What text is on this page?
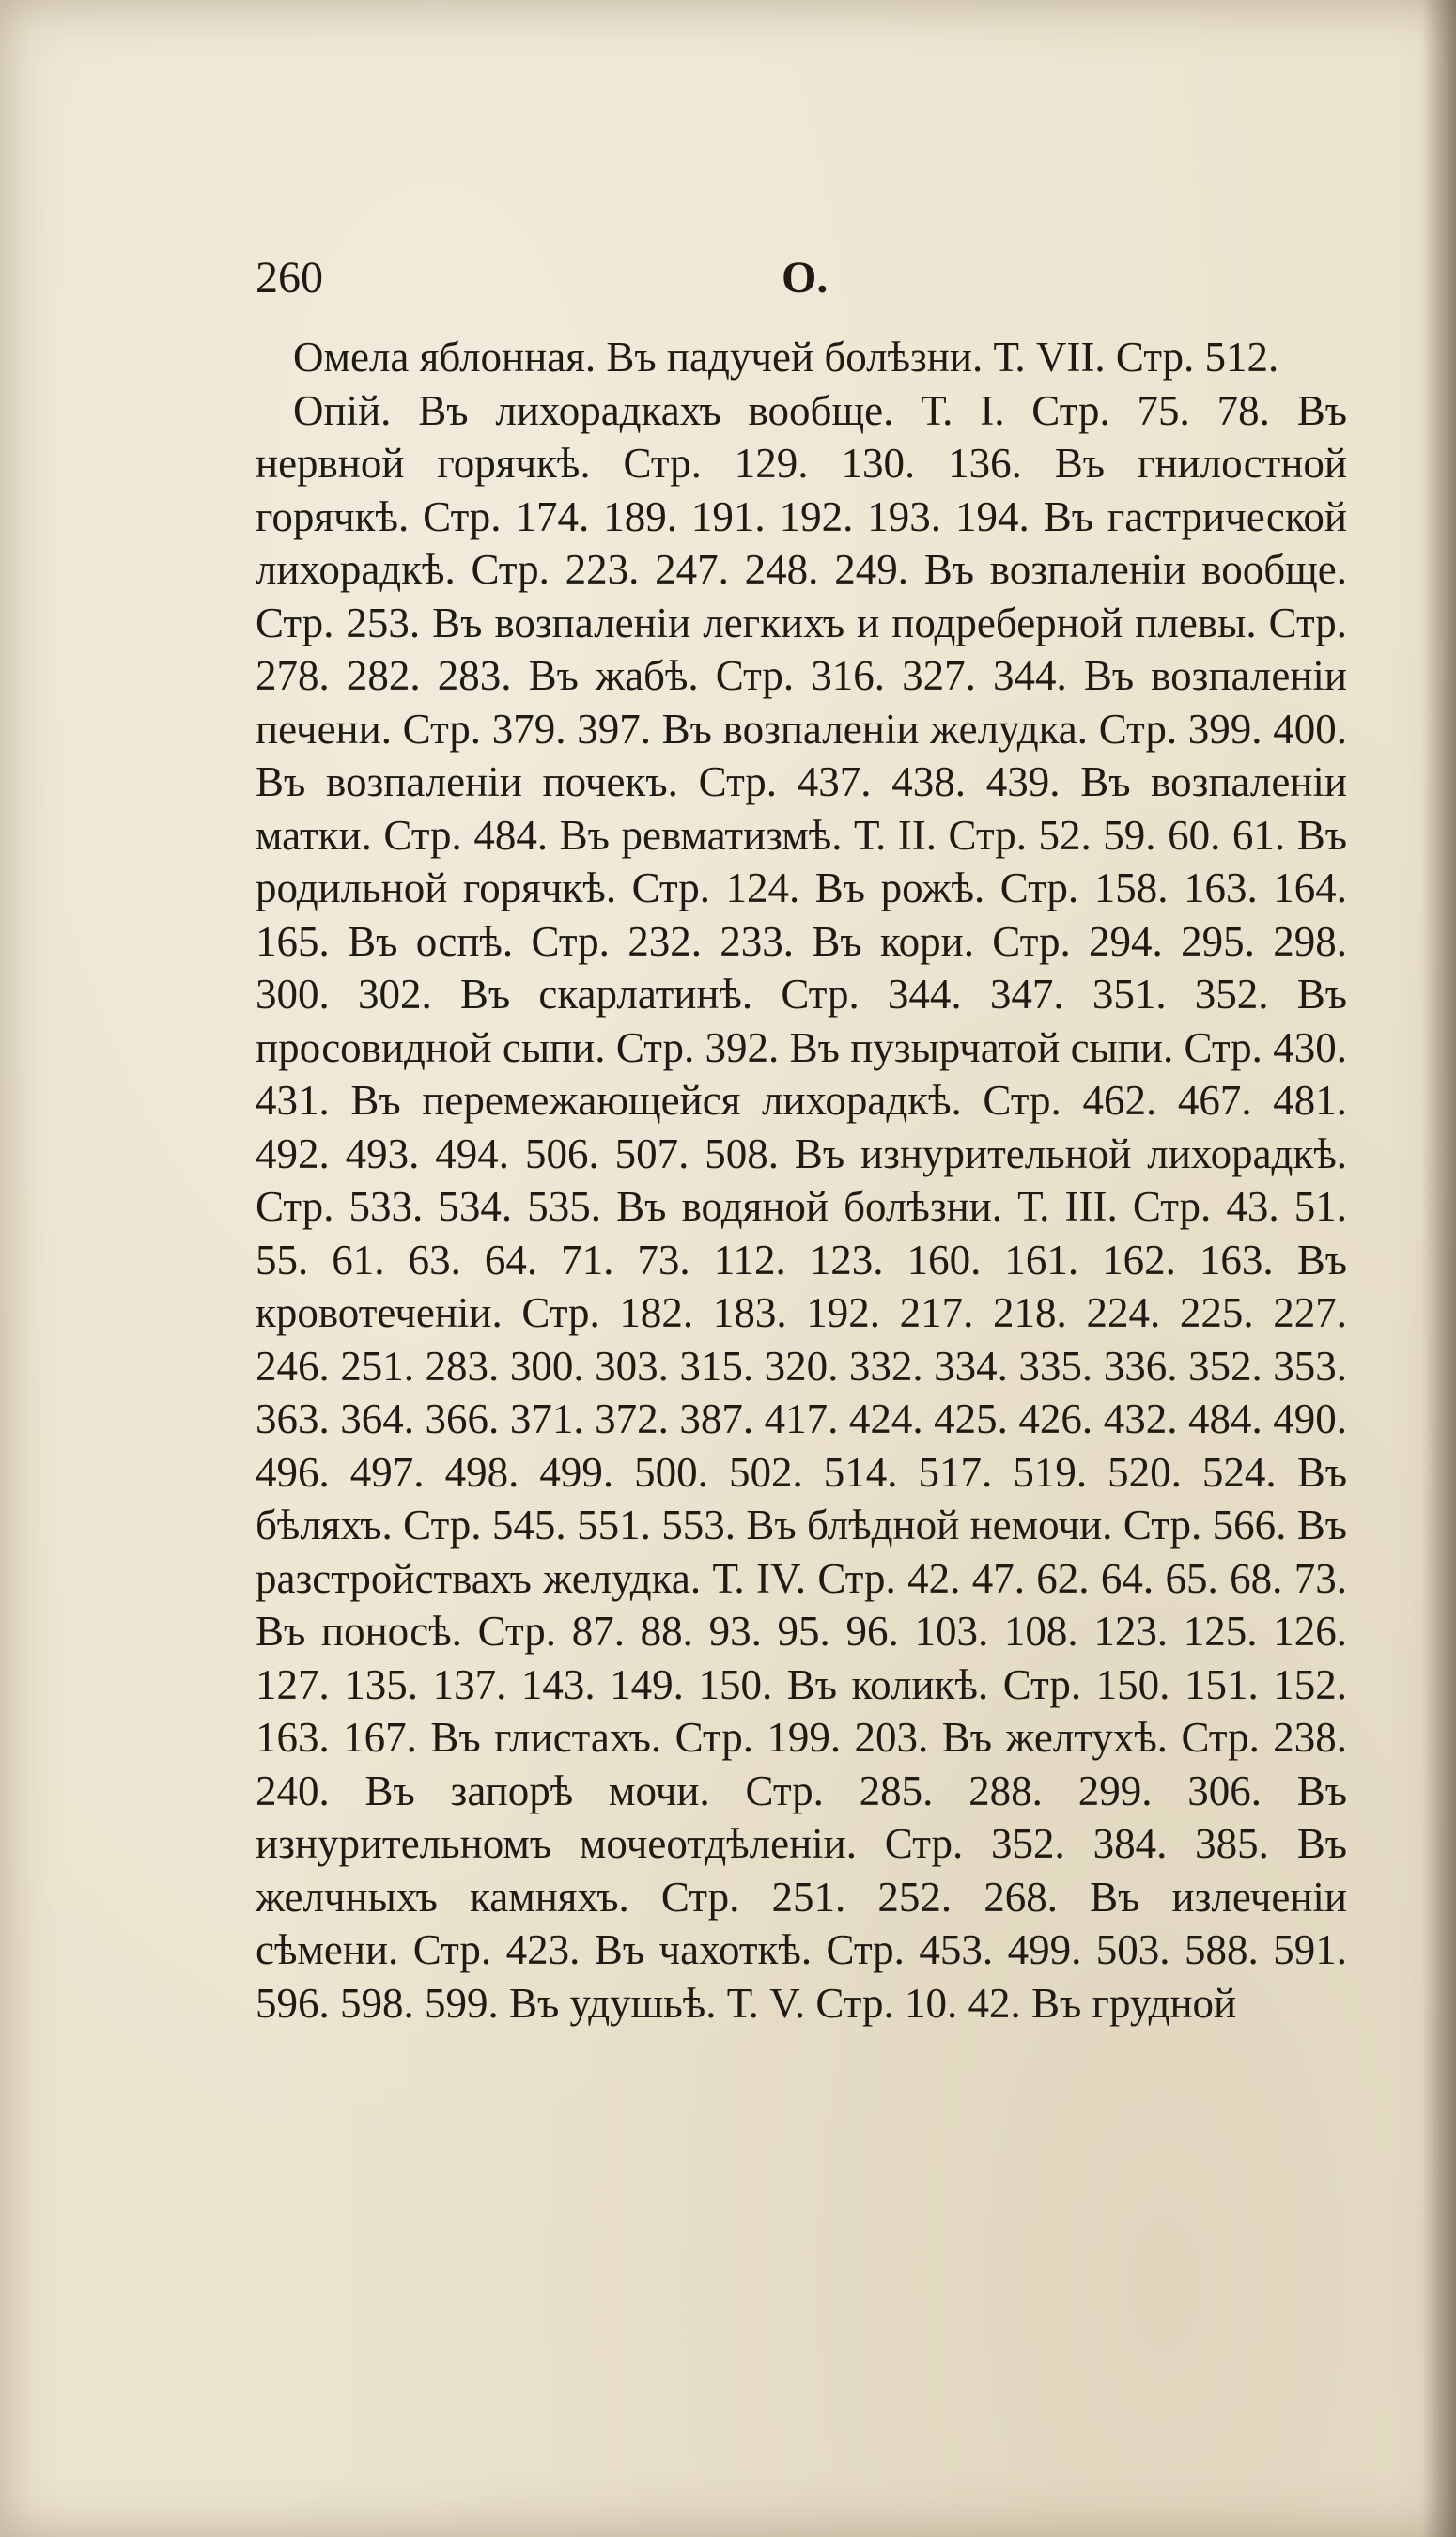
260	О.

Омела яблонная. Въ падучей болѣзни. Т. VII. Стр. 512.

Опій. Въ лихорадкахъ вообще. Т. I. Стр. 75. 78. Въ нервной горячкѣ. Стр. 129. 130. 136. Въ гнилостной горячкѣ. Стр. 174. 189. 191. 192. 193. 194. Въ гастрической лихорадкѣ. Стр. 223. 247. 248. 249. Въ возпаленіи вообще. Стр. 253. Въ возпаленіи легкихъ и подреберной плевы. Стр. 278. 282. 283. Въ жабѣ. Стр. 316. 327. 344. Въ возпаленіи печени. Стр. 379. 397. Въ возпаленіи желудка. Стр. 399. 400. Въ возпаленіи почекъ. Стр. 437. 438. 439. Въ возпаленіи матки. Стр. 484. Въ ревматизмѣ. Т. II. Стр. 52. 59. 60. 61. Въ родильной горячкѣ. Стр. 124. Въ рожѣ. Стр. 158. 163. 164. 165. Въ оспѣ. Стр. 232. 233. Въ кори. Стр. 294. 295. 298. 300. 302. Въ скарлатинѣ. Стр. 344. 347. 351. 352. Въ просовидной сыпи. Стр. 392. Въ пузырчатой сыпи. Стр. 430. 431. Въ перемежающейся лихорадкѣ. Стр. 462. 467. 481. 492. 493. 494. 506. 507. 508. Въ изнурительной лихорадкѣ. Стр. 533. 534. 535. Въ водяной болѣзни. Т. III. Стр. 43. 51. 55. 61. 63. 64. 71. 73. 112. 123. 160. 161. 162. 163. Въ кровотеченіи. Стр. 182. 183. 192. 217. 218. 224. 225. 227. 246. 251. 283. 300. 303. 315. 320. 332. 334. 335. 336. 352. 353. 363. 364. 366. 371. 372. 387. 417. 424. 425. 426. 432. 484. 490. 496. 497. 498. 499. 500. 502. 514. 517. 519. 520. 524. Въ бѣляхъ. Стр. 545. 551. 553. Въ блѣдной немочи. Стр. 566. Въ разстройствахъ желудка. Т. IV. Стр. 42. 47. 62. 64. 65. 68. 73. Въ поносѣ. Стр. 87. 88. 93. 95. 96. 103. 108. 123. 125. 126. 127. 135. 137. 143. 149. 150. Въ коликѣ. Стр. 150. 151. 152. 163. 167. Въ глистахъ. Стр. 199. 203. Въ желтухѣ. Стр. 238. 240. Въ запорѣ мочи. Стр. 285. 288. 299. 306. Въ изнурительномъ мочеотдѣленіи. Стр. 352. 384. 385. Въ желчныхъ камняхъ. Стр. 251. 252. 268. Въ излеченіи сѣмени. Стр. 423. Въ чахоткѣ. Стр. 453. 499. 503. 588. 591. 596. 598. 599. Въ удушьѣ. Т. V. Стр. 10. 42. Въ грудной
